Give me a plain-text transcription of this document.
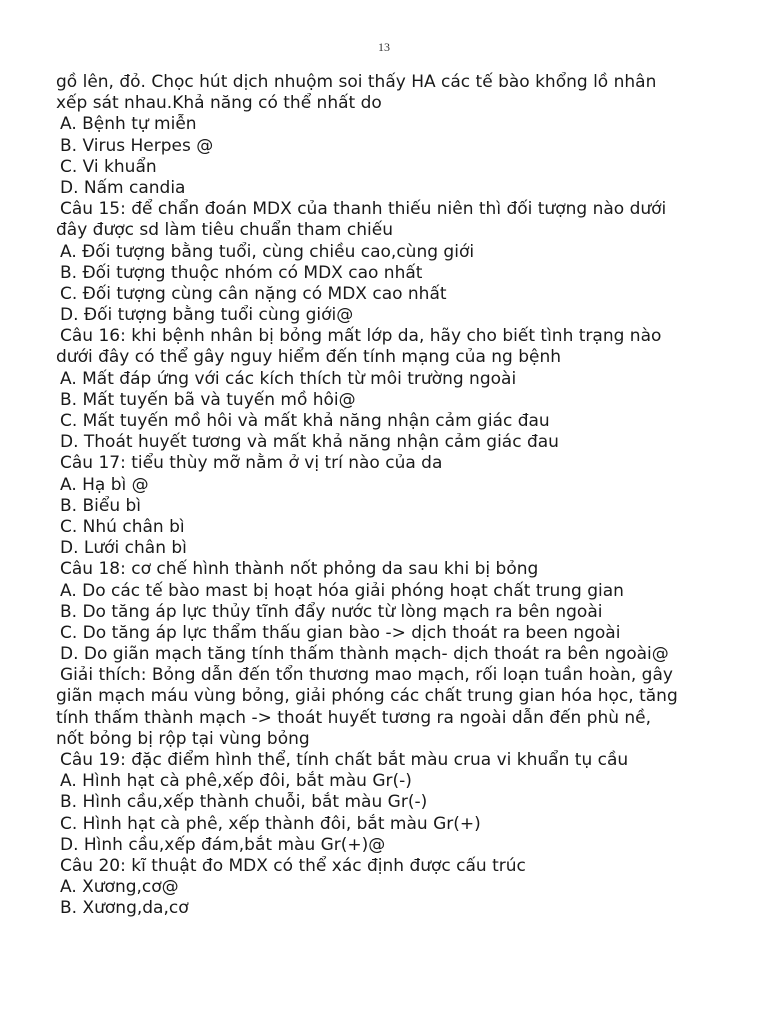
13
gồ lên, đỏ. Chọc hút dịch nhuộm soi thấy HA các tế bào khổng lồ nhân
xếp sát nhau.Khả năng có thể nhất do
A. Bệnh tự miễn
B. Virus Herpes @
C. Vi khuẩn
D. Nấm candia
Câu 15: để chẩn đoán MDX của thanh thiếu niên thì đối tượng nào dưới
đây được sd làm tiêu chuẩn tham chiếu
A. Đối tượng bằng tuổi, cùng chiều cao,cùng giới
B. Đối tượng thuộc nhóm có MDX cao nhất
C. Đối tượng cùng cân nặng có MDX cao nhất
D. Đối tượng bằng tuổi cùng giới@
Câu 16: khi bệnh nhân bị bỏng mất lớp da, hãy cho biết tình trạng nào
dưới đây có thể gây nguy hiểm đến tính mạng của ng bệnh
A. Mất đáp ứng với các kích thích từ môi trường ngoài
B. Mất tuyến bã và tuyến mồ hôi@
C. Mất tuyến mồ hôi và mất khả năng nhận cảm giác đau
D. Thoát huyết tương và mất khả năng nhận cảm giác đau
Câu 17: tiểu thùy mỡ nằm ở vị trí nào của da
A. Hạ bì @
B. Biểu bì
C. Nhú chân bì
D. Lưới chân bì
Câu 18: cơ chế hình thành nốt phỏng da sau khi bị bỏng
A. Do các tế bào mast bị hoạt hóa giải phóng hoạt chất trung gian
B. Do tăng áp lực thủy tĩnh đẩy nước từ lòng mạch ra bên ngoài
C. Do tăng áp lực thẩm thấu gian bào -> dịch thoát ra been ngoài
D. Do giãn mạch tăng tính thấm thành mạch- dịch thoát ra bên ngoài@
Giải thích: Bỏng dẫn đến tổn thương mao mạch, rối loạn tuần hoàn, gây
giãn mạch máu vùng bỏng, giải phóng các chất trung gian hóa học, tăng
tính thấm thành mạch -> thoát huyết tương ra ngoài dẫn đến phù nề,
nốt bỏng bị rộp tại vùng bỏng
Câu 19: đặc điểm hình thể, tính chất bắt màu crua vi khuẩn tụ cầu
A. Hình hạt cà phê,xếp đôi, bắt màu Gr(-)
B. Hình cầu,xếp thành chuỗi, bắt màu Gr(-)
C. Hình hạt cà phê, xếp thành đôi, bắt màu Gr(+)
D. Hình cầu,xếp đám,bắt màu Gr(+)@
Câu 20: kĩ thuật đo MDX có thể xác định được cấu trúc
A. Xương,cơ@
B. Xương,da,cơ
